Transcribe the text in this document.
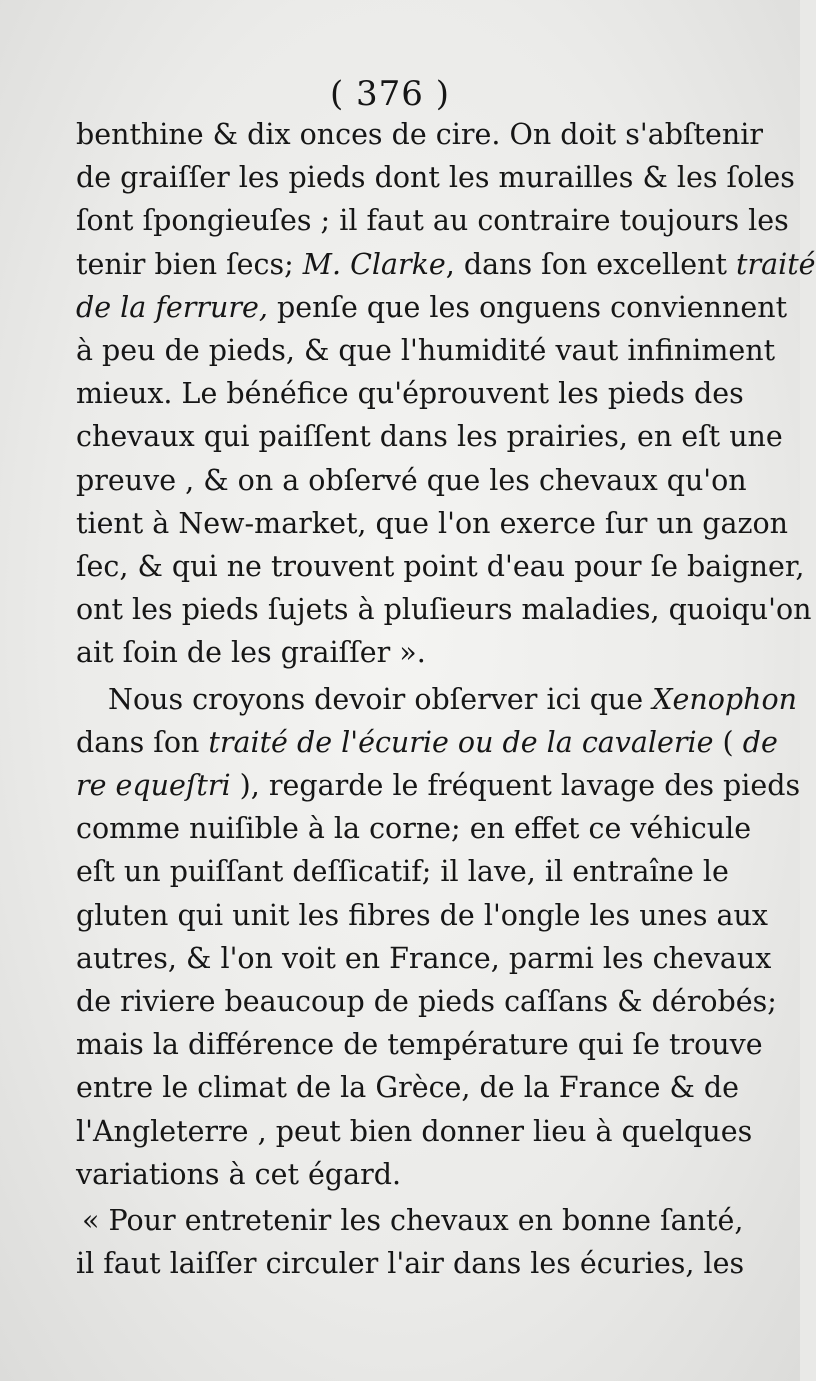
( 376 )
benthine & dix onces de cire. On doit s'abſtenir
de graiſſer les pieds dont les murailles & les ſoles
ſont ſpongieuſes ; il faut au contraire toujours les
tenir bien ſecs; M. Clarke, dans ſon excellent traité
de la ferrure, penſe que les onguens conviennent
à peu de pieds, & que l'humidité vaut infiniment
mieux. Le bénéfice qu'éprouvent les pieds des
chevaux qui paiſſent dans les prairies, en eſt une
preuve , & on a obſervé que les chevaux qu'on
tient à New-market, que l'on exerce ſur un gazon
ſec, & qui ne trouvent point d'eau pour ſe baigner,
ont les pieds ſujets à pluſieurs maladies, quoiqu'on
ait ſoin de les graiſſer ».
Nous croyons devoir obſerver ici que Xenophon
dans ſon traité de l'écurie ou de la cavalerie ( de
re equeſtri ), regarde le fréquent lavage des pieds
comme nuiſible à la corne; en effet ce véhicule
eſt un puiſſant deſſicatif; il lave, il entraîne le
gluten qui unit les fibres de l'ongle les unes aux
autres, & l'on voit en France, parmi les chevaux
de riviere beaucoup de pieds caſſans & dérobés;
mais la différence de température qui ſe trouve
entre le climat de la Grèce, de la France & de
l'Angleterre , peut bien donner lieu à quelques
variations à cet égard.
« Pour entretenir les chevaux en bonne ſanté,
il faut laiſſer circuler l'air dans les écuries, les
